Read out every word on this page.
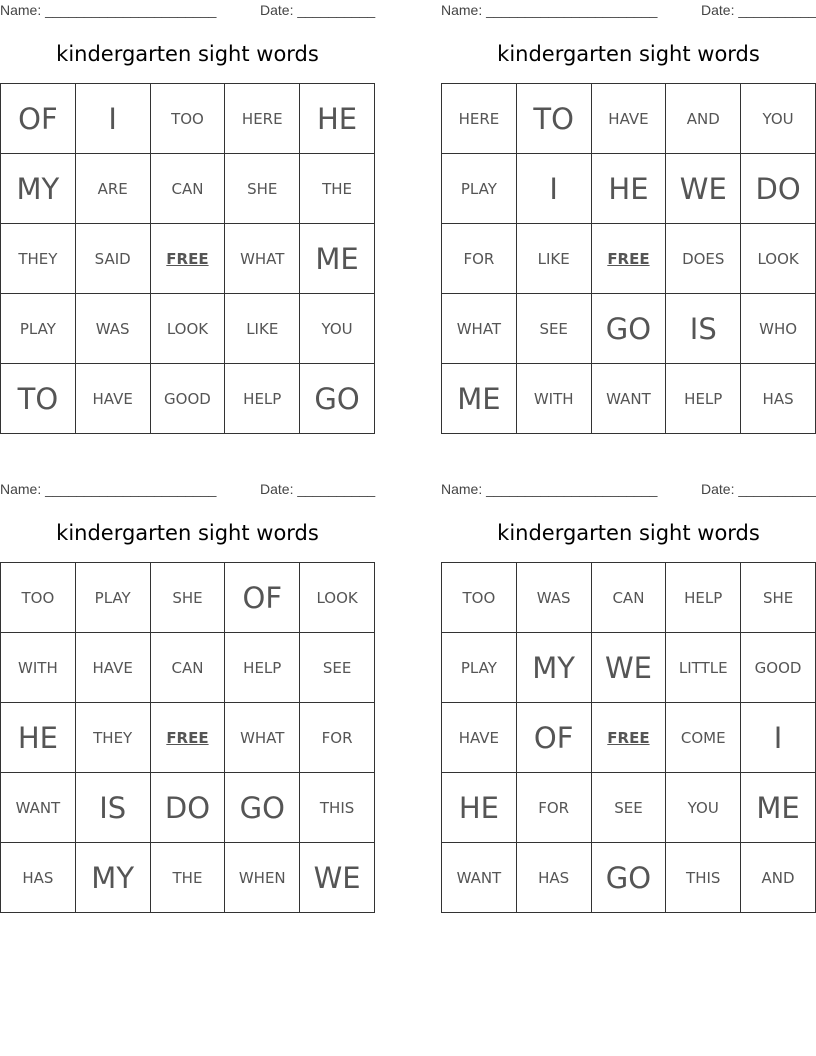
Name: ______________________	Date: __________
kindergarten sight words
OF	I	TOO	HERE	HE
MY	ARE	CAN	SHE	THE
THEY	SAID	FREE	WHAT	ME
PLAY	WAS	LOOK	LIKE	YOU
TO	HAVE	GOOD	HELP	GO
Name: ______________________	Date: __________
kindergarten sight words
HERE	TO	HAVE	AND	YOU
PLAY	I	HE	WE	DO
FOR	LIKE	FREE	DOES	LOOK
WHAT	SEE	GO	IS	WHO
ME	WITH	WANT	HELP	HAS
Name: ______________________	Date: __________
kindergarten sight words
TOO	PLAY	SHE	OF	LOOK
WITH	HAVE	CAN	HELP	SEE
HE	THEY	FREE	WHAT	FOR
WANT	IS	DO	GO	THIS
HAS	MY	THE	WHEN	WE
Name: ______________________	Date: __________
kindergarten sight words
TOO	WAS	CAN	HELP	SHE
PLAY	MY	WE	LITTLE	GOOD
HAVE	OF	FREE	COME	I
HE	FOR	SEE	YOU	ME
WANT	HAS	GO	THIS	AND
